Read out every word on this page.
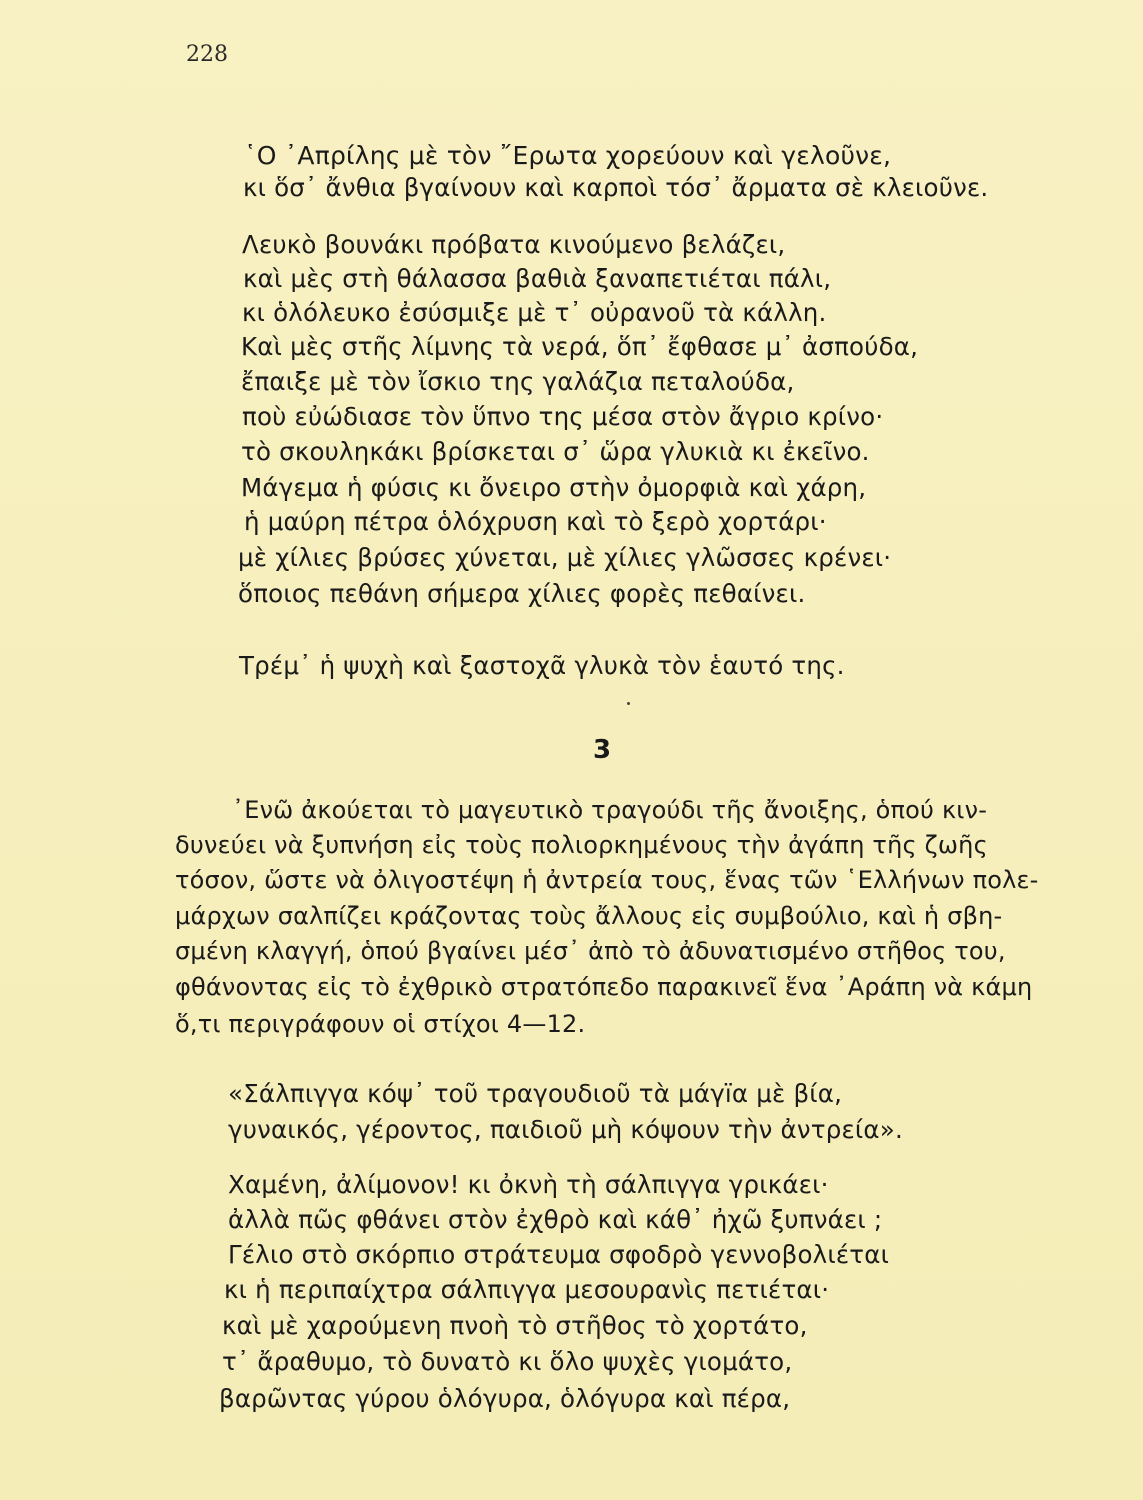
228
῾Ο ᾿Απρίλης μὲ τὸν ῎Ερωτα χορεύουν καὶ γελοῦνε,
κι ὅσ᾿ ἄνθια βγαίνουν καὶ καρποὶ τόσ᾿ ἄρματα σὲ κλειοῦνε.
Λευκὸ βουνάκι πρόβατα κινούμενο βελάζει,
καὶ μὲς στὴ θάλασσα βαθιὰ ξαναπετιέται πάλι,
κι ὁλόλευκο ἐσύσμιξε μὲ τ᾿ οὐρανοῦ τὰ κάλλη.
Καὶ μὲς στῆς λίμνης τὰ νερά, ὅπ᾿ ἔφθασε μ᾿ ἀσπούδα,
ἔπαιξε μὲ τὸν ἴσκιο της γαλάζια πεταλούδα,
ποὺ εὐώδιασε τὸν ὕπνο της μέσα στὸν ἄγριο κρίνο·
τὸ σκουληκάκι βρίσκεται σ᾿ ὥρα γλυκιὰ κι ἐκεῖνο.
Μάγεμα ἡ φύσις κι ὄνειρο στὴν ὀμορφιὰ καὶ χάρη,
ἡ μαύρη πέτρα ὁλόχρυση καὶ τὸ ξερὸ χορτάρι·
μὲ χίλιες βρύσες χύνεται, μὲ χίλιες γλῶσσες κρένει·
ὅποιος πεθάνη σήμερα χίλιες φορὲς πεθαίνει.
Τρέμ᾿ ἡ ψυχὴ καὶ ξαστοχᾶ γλυκὰ τὸν ἑαυτό της.
3
᾿Ενῶ ἀκούεται τὸ μαγευτικὸ τραγούδι τῆς ἄνοιξης, ὁπού κιν-
δυνεύει νὰ ξυπνήση εἰς τοὺς πολιορκημένους τὴν ἀγάπη τῆς ζωῆς
τόσον, ὥστε νὰ ὀλιγοστέψη ἡ ἀντρεία τους, ἕνας τῶν ῾Ελλήνων πολε-
μάρχων σαλπίζει κράζοντας τοὺς ἄλλους εἰς συμβούλιο, καὶ ἡ σβη-
σμένη κλαγγή, ὁπού βγαίνει μέσ᾿ ἀπὸ τὸ ἀδυνατισμένο στῆθος του,
φθάνοντας εἰς τὸ ἐχθρικὸ στρατόπεδο παρακινεῖ ἕνα ᾿Αράπη νὰ κάμη
ὅ,τι περιγράφουν οἱ στίχοι 4—12.
«Σάλπιγγα κόψ᾿ τοῦ τραγουδιοῦ τὰ μάγïα μὲ βία,
γυναικός, γέροντος, παιδιοῦ μὴ κόψουν τὴν ἀντρεία».
Χαμένη, ἀλίμονον! κι ὀκνὴ τὴ σάλπιγγα γρικάει·
ἀλλὰ πῶς φθάνει στὸν ἐχθρὸ καὶ κάθ᾿ ἠχῶ ξυπνάει ;
Γέλιο στὸ σκόρπιο στράτευμα σφοδρὸ γεννοβολιέται
κι ἡ περιπαίχτρα σάλπιγγα μεσουρανὶς πετιέται·
καὶ μὲ χαρούμενη πνοὴ τὸ στῆθος τὸ χορτάτο,
τ᾿ ἄραθυμο, τὸ δυνατὸ κι ὅλο ψυχὲς γιομάτο,
βαρῶντας γύρου ὁλόγυρα, ὁλόγυρα καὶ πέρα,
